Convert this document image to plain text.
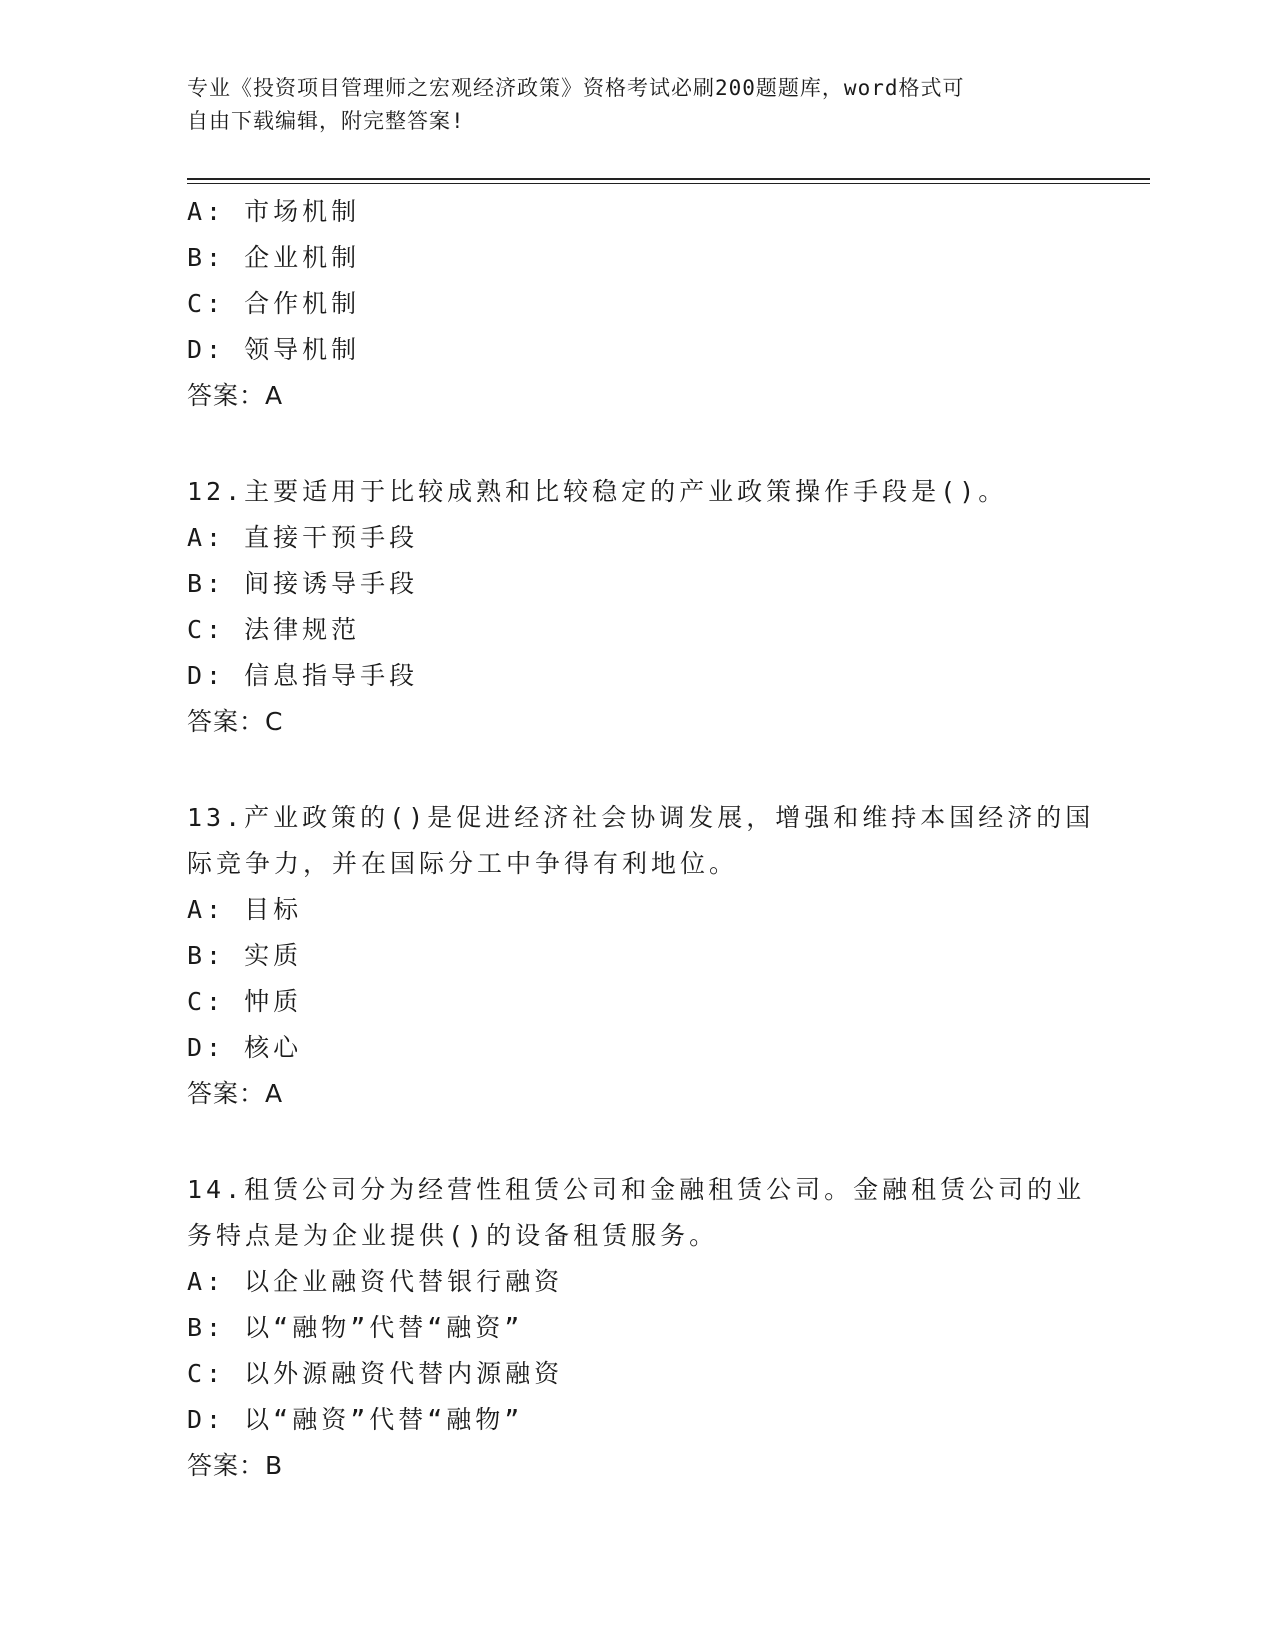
专业《投资项目管理师之宏观经济政策》资格考试必刷200题题库，word格式可
自由下载编辑，附完整答案!
A: 市场机制
B: 企业机制
C: 合作机制
D: 领导机制
答案：A
12.主要适用于比较成熟和比较稳定的产业政策操作手段是()。
A: 直接干预手段
B: 间接诱导手段
C: 法律规范
D: 信息指导手段
答案：C
13.产业政策的()是促进经济社会协调发展，增强和维持本国经济的国
际竞争力，并在国际分工中争得有利地位。
A: 目标
B: 实质
C: 忡质
D: 核心
答案：A
14.租赁公司分为经营性租赁公司和金融租赁公司。金融租赁公司的业
务特点是为企业提供()的设备租赁服务。
A: 以企业融资代替银行融资
B: 以“融物”代替“融资”
C: 以外源融资代替内源融资
D: 以“融资”代替“融物”
答案：B
